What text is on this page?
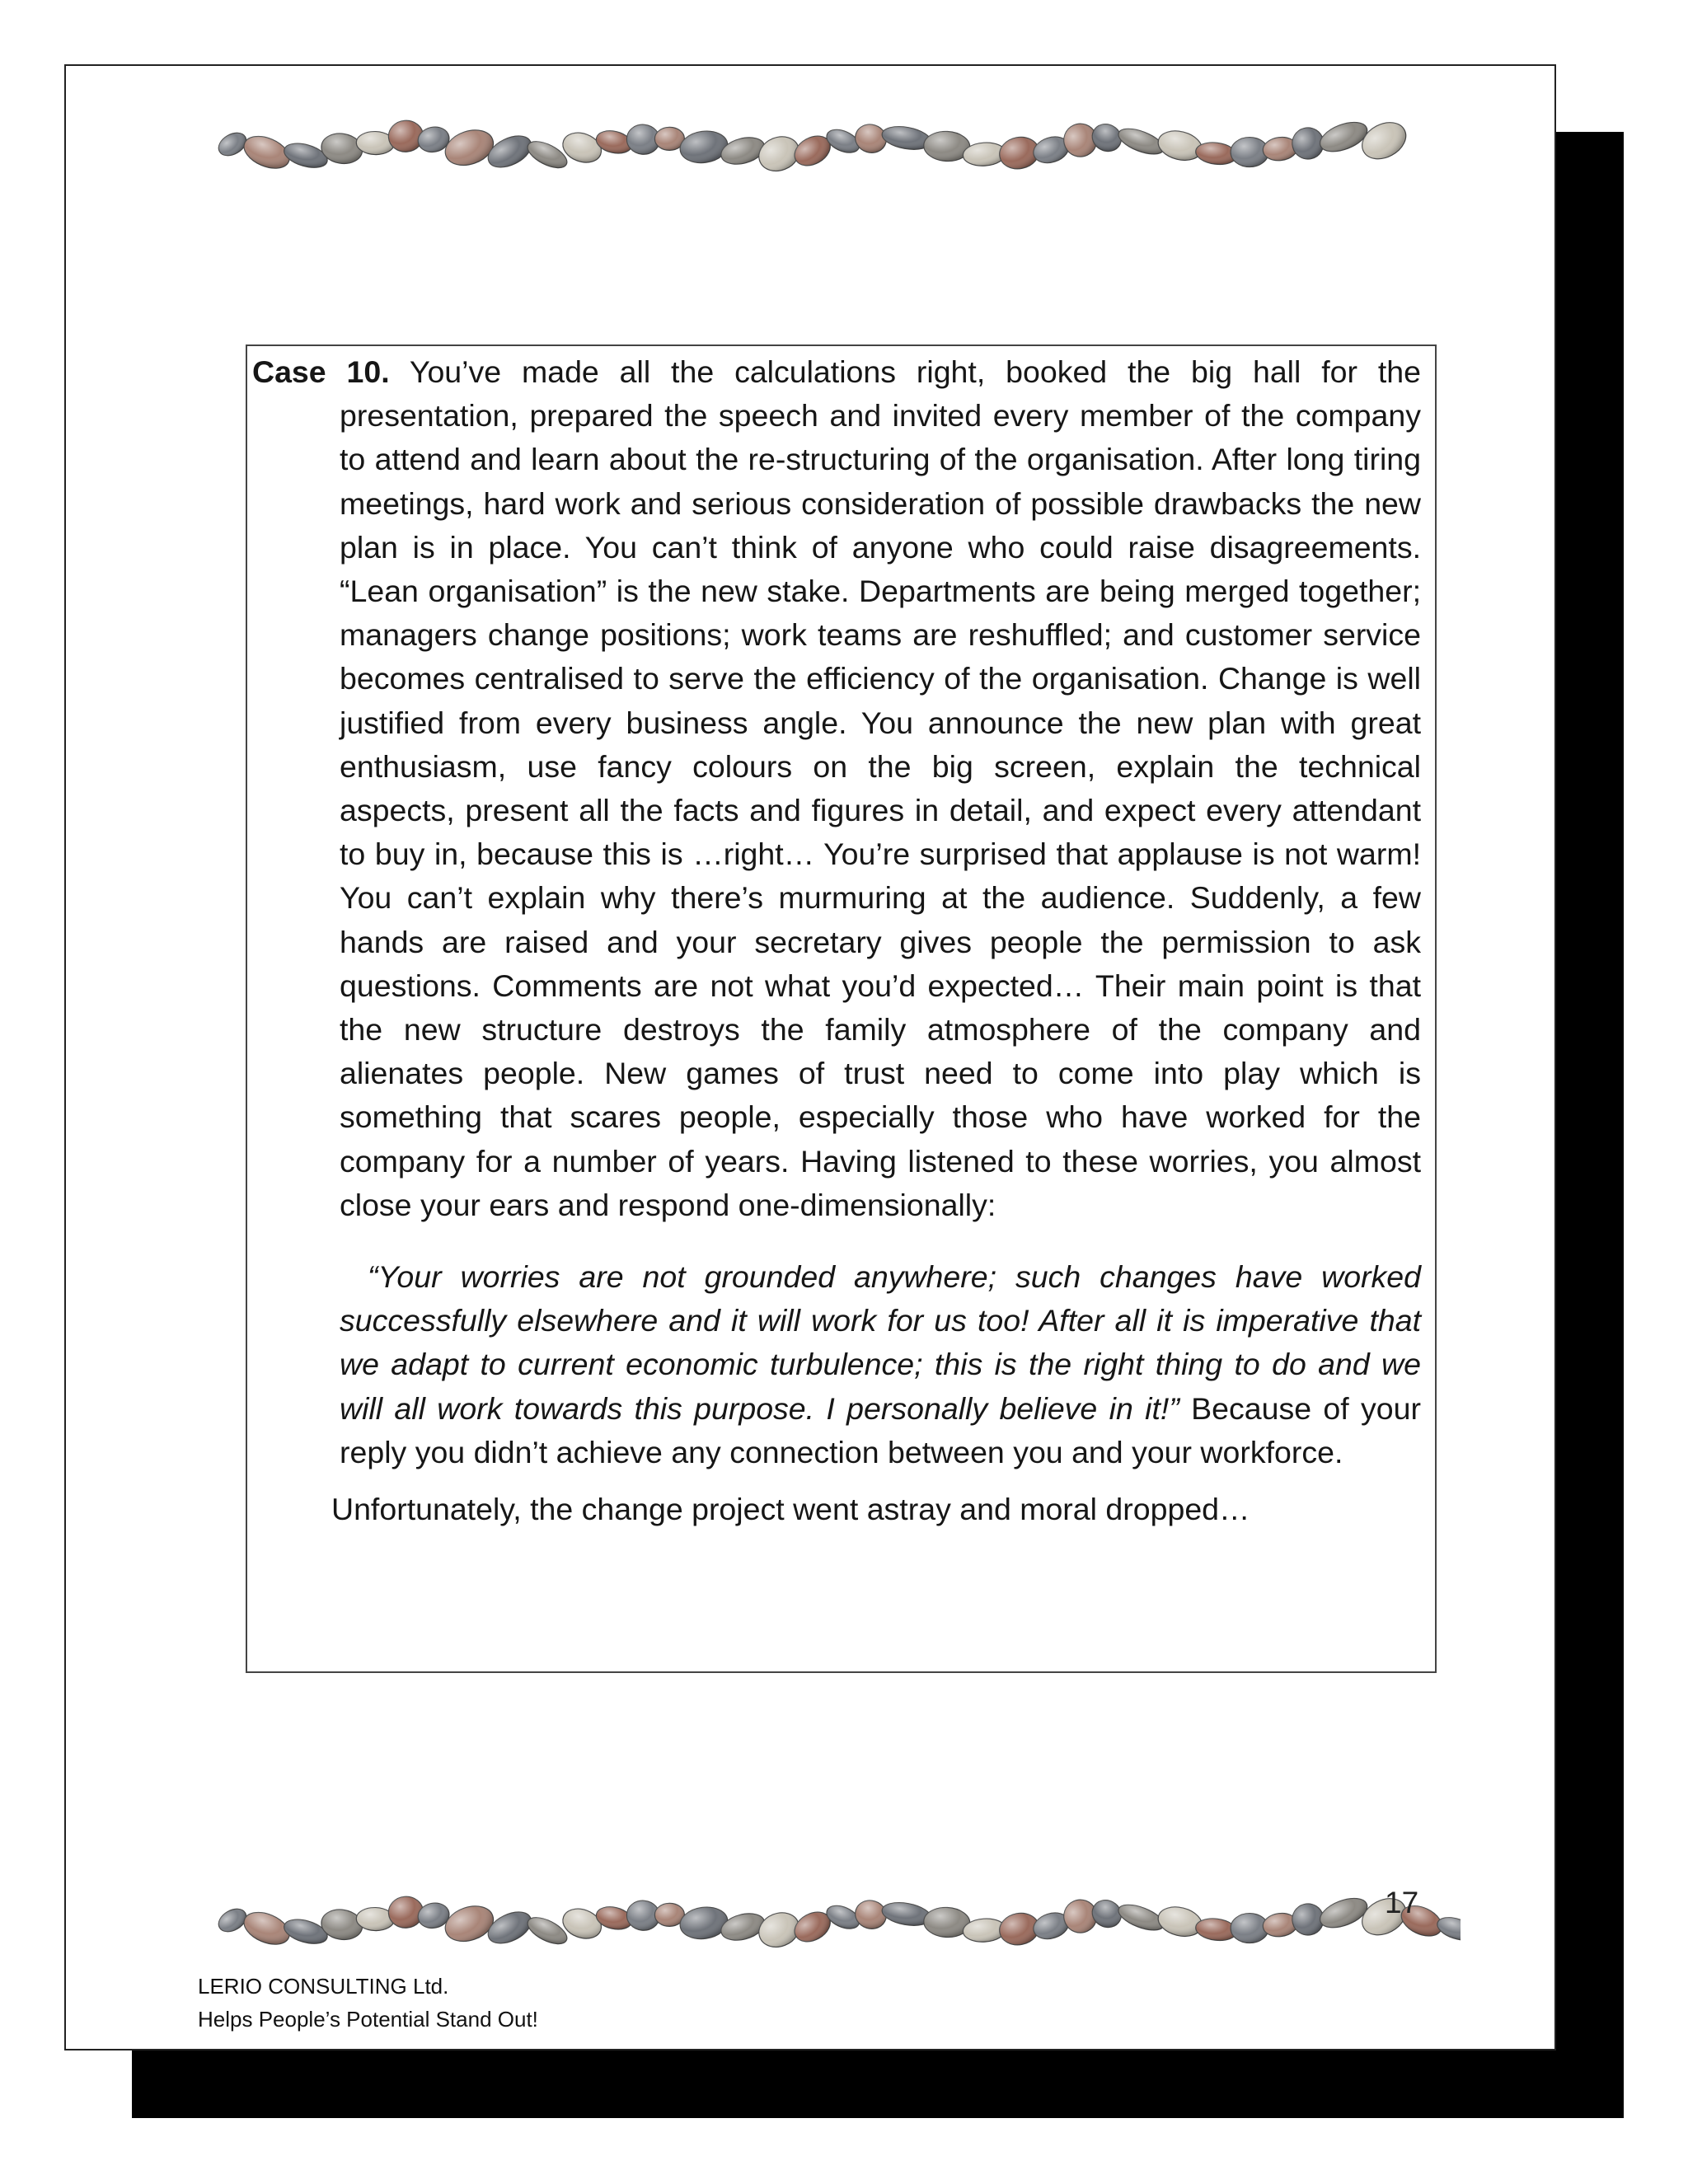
Case 10. You’ve made all the calculations right, booked the big hall for the presentation, prepared the speech and invited every member of the company to attend and learn about the re-structuring of the organisation. After long tiring meetings, hard work and serious consideration of possible drawbacks the new plan is in place. You can’t think of anyone who could raise disagreements. “Lean organisation” is the new stake. Departments are being merged together; managers change positions; work teams are reshuffled; and customer service becomes centralised to serve the efficiency of the organisation. Change is well justified from every business angle. You announce the new plan with great enthusiasm, use fancy colours on the big screen, explain the technical aspects, present all the facts and figures in detail, and expect every attendant to buy in, because this is …right… You’re surprised that applause is not warm! You can’t explain why there’s murmuring at the audience. Suddenly, a few hands are raised and your secretary gives people the permission to ask questions. Comments are not what you’d expected… Their main point is that the new structure destroys the family atmosphere of the company and alienates people. New games of trust need to come into play which is something that scares people, especially those who have worked for the company for a number of years. Having listened to these worries, you almost close your ears and respond one-dimensionally:

“Your worries are not grounded anywhere; such changes have worked successfully elsewhere and it will work for us too! After all it is imperative that we adapt to current economic turbulence; this is the right thing to do and we will all work towards this purpose. I personally believe in it!” Because of your reply you didn’t achieve any connection between you and your workforce.

Unfortunately, the change project went astray and moral dropped…

17
LERIO CONSULTING Ltd.
Helps People’s Potential Stand Out!
